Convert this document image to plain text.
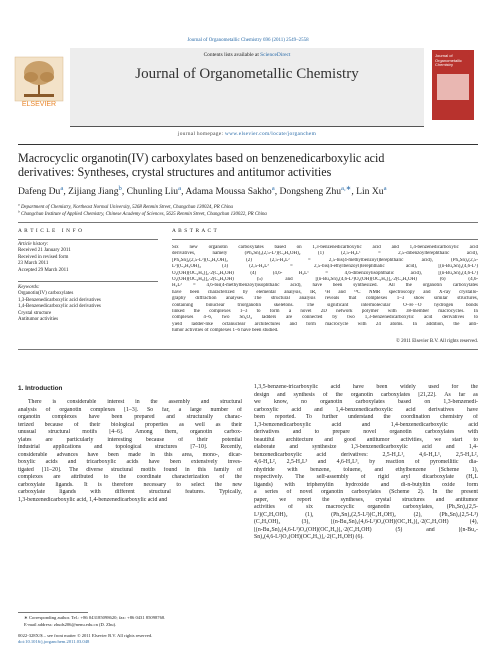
Journal of Organometallic Chemistry 696 (2011) 2549–2558
Contents lists available at ScienceDirect
Journal of Organometallic Chemistry
journal homepage: www.elsevier.com/locate/jorganchem
ELSEVIER
Journal of Organometallic Chemistry
Macrocyclic organotin(IV) carboxylates based on benzenedicarboxylic acid
derivatives: Syntheses, crystal structures and antitumor activities
Dafeng Du$^a$, Zijiang Jiang$^b$, Chunling Liu$^a$, Adama Moussa Sakho$^a$, Dongsheng Zhu$^{a,∗}$, Lin Xu$^a$
$^a$ Department of Chemistry, Northeast Normal University, 5268 Renmin Street, Changchun 130024, PR China
$^b$ Changchun Institute of Applied Chemistry, Chinese Academy of Sciences, 5625 Renmin Street, Changchun 130022, PR China
A R T I C L E   I N F O
Article history:
Received 21 January 2011
Received in revised form
23 March 2011
Accepted 29 March 2011
Keywords:
Organotin(IV) carboxylates
1,3-Benzenedicarboxylic acid derivatives
1,4-Benzenedicarboxylic acid derivatives
Crystal structure
Antitumor activities
A B S T R A C T
Six new organotin carboxylates based on 1,3-benzenedicarboxylic acid and 1,4-benzenedicarboxylic acid
derivatives, namely (Ph₃Sn)₂(2,5-L¹)(C₂H₅OH)₂ (1) (2,5-H₂L¹ = 2,5-dibenzoylterephthalic acid),
[Ph₂Sn]₂(2,5-L²)(C₂H₅OH)₂ (2) (2,5-H₂L² = 2,5-bis(4-methylbenzoyl)terephthalic acid), (Ph₃Sn)₂(2,5-
L²)(C₂H₅OH)₂ (3) (2,5-H₂L³ = 2,5-bis(4-ethylbenzoyl)terephthalic acid), [(n-Bu₂Sn)₄(4,6-L¹)
O₂(OH)(OC₂H₅)]₂·2(C₂H₅OH) (4) (4,6- H₂L¹ = 4,6-dibenzoylisophthalic acid), [(n-Bu₂Sn)₄(4,6-L¹)
O₂(OH)(OC₄H₉)]₂·2(C₄H₉OH) (5) and [(n-Bu₂Sn)₄(4,6-L²)O₂(OH)(OC₂H₅)]₂·2(C₂H₅OH) (6) (4,6-
H₂L² = 4,6-bis(4-methylbenzoyl)isophthalic acid), have been synthesized. All the organotin carboxylates
have been characterized by elemental analysis, IR, ¹H and ¹³C NMR spectroscopy and X-ray crystallo-
graphy diffraction analyses. The structural analysis reveals that complexes 1–3 show similar structures,
containing binuclear triorganotin skeletons. The significant intermolecular O–H···O hydrogen bonds
linked the complexes 1–3 to form a novel 2D network polymer with 38-member macrocycles. In
complexes 4–6, two Sn₄O₄ ladders are connected by two 1,3-benzenedicarboxylic acid derivatives to
yield ladder-like octanuclear architectures and form macrocycle with 24 atoms. In addition, the anti-
tumor activities of complexes 1–6 have been studied.
© 2011 Elsevier B.V. All rights reserved.
1. Introduction
There is considerable interest in the assembly and structural
analysis of organotin complexes [1–3]. So far, a large number of
organotin complexes have been prepared and structurally charac-
terized because of their biological properties as well as their
unusual structural motifs [4–6]. Among them, organotin carbox-
ylates are particularly interesting because of their potential
industrial applications and topological structures [7–10]. Recently,
considerable advances have been made in this area, mono-, dicar-
boxylic acids and tricarboxylic acids have been extensively inves-
tigated [11–20]. The diverse structural motifs found in this family of
complexes are attributed to the coordinate characterization of the
carboxylate ligands. It is therefore necessary to select the new
carboxylate ligands with different structural features. Typically,
1,3-benzenedicarboxylic acid, 1,4-benzenedicarboxylic acid and
1,3,5-benzene-tricarboxylic acid have been widely used for the
design and synthesis of the organotin carboxylates [21,22]. As far as
we know, no organotin carboxylates based on 1,3-benzenedi-
carboxylic acid and 1,4-benzenedicarboxylic acid derivatives have
been reported. To further understand the coordination chemistry of
1,3-benzenedicarboxylic acid and 1,4-benzenedicarboxylic acid
derivatives and to prepare novel organotin carboxylates with
beautiful architecture and good antitumor activities, we start to
elaborate and synthesize 1,3-benzenedicarboxylic acid and 1,4-
benzenedicarboxylic acid derivatives: 2,5-H₂L¹, 4,6-H₂L¹, 2,5-H₂L²,
4,6-H₂L², 2,5-H₂L³ and 4,6-H₂L³, by reaction of pyromellitic dia-
nhydride with benzene, toluene, and ethylbenzene (Scheme 1),
respectively. The self-assembly of rigid aryl dicarboxylate (H₂L
ligands) with triphenyltin hydroxide and di-n-butyltin oxide form
a series of novel organotin carboxylates (Scheme 2). In the present
paper, we report the syntheses, crystal structures and antitumor
activities of six macrocyclic organotin carboxylates, (Ph₃Sn)₂(2,5-
L¹)(C₂H₅OH)₂ (1), (Ph₃Sn)₂(2,5-L²)(C₂H₅OH)₂ (2), (Ph₃Sn)₂(2,5-L³)
(C₂H₅OH)₂ (3), [(n-Bu₂Sn)₄(4,6-L¹)O₂(OH)(OC₂H₅)]₂·2(C₂H₅OH) (4),
[(n-Bu₂Sn)₄(4,6-L¹)O₂(OH)(OC₄H₉)]₂·2(C₄H₉OH) (5) and [(n-Bu₂-
Sn)₄(4,6-L²)O₂(OH)(OC₂H₅)]₂·2(C₂H₅OH) (6).
∗ Corresponding author. Tel.: +86 043185098620; fax: +86 0431 85098768.
E-mail address: zhuds206@nenu.edu.cn (D. Zhu).
0022-328X/$ – see front matter © 2011 Elsevier B.V. All rights reserved.
doi:10.1016/j.jorganchem.2011.03.048
